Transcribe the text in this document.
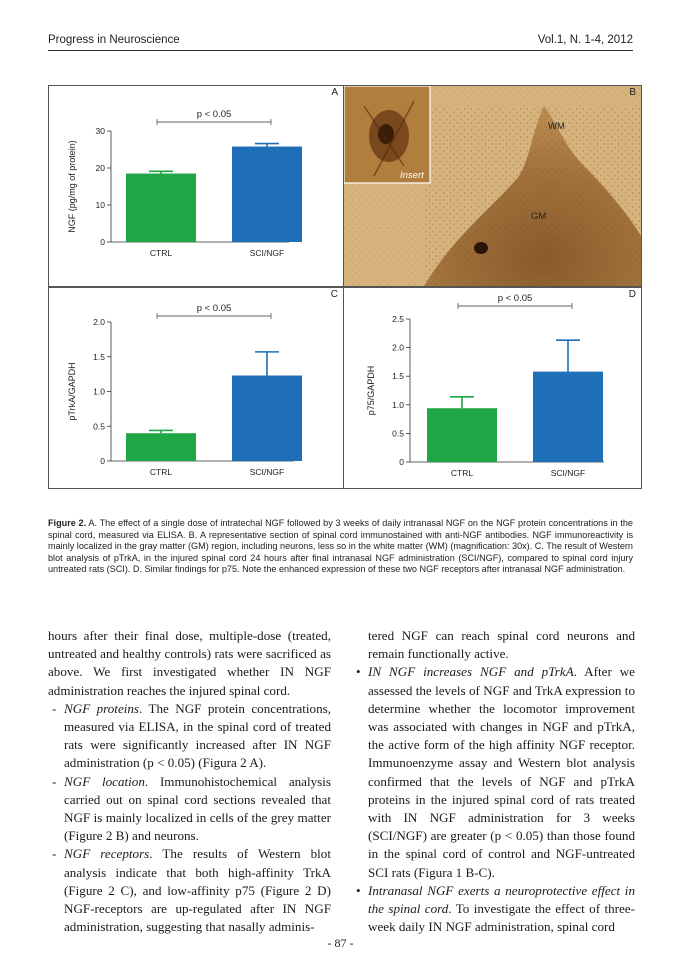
Progress in Neuroscience	Vol.1, N. 1-4, 2012
A
0
10
20
30
NGF (pg/mg of protein)
CTRL	SCI/NGF
p < 0.05
Insert
WM
GM
B
C
0
0.5
1.0
1.5
2.0
pTrkA/GAPDH
CTRL	SCI/NGF
p < 0.05
D
0
0.5
1.0
1.5
2.0
2.5
p75/GAPDH
CTRL	SCI/NGF
p < 0.05
Figure 2. A. The effect of a single dose of intratechal NGF followed by 3 weeks of daily intranasal NGF on the NGF protein concentrations in the spinal cord, measured via ELISA. B. A representative section of spinal cord immunostained with anti-NGF antibodies. NGF immunoreactivity is mainly localized in the gray matter (GM) region, including neurons, less so in the white matter (WM) (magnification: 30x). C. The result of Western blot analysis of pTrkA, in the injured spinal cord 24 hours after final intranasal NGF administration (SCI/NGF), compared to spinal cord injury untreated rats (SCI). D. Similar findings for p75. Note the enhanced expression of these two NGF receptors after intranasal NGF administration.

hours after their final dose, multiple-dose (treated, untreated and healthy controls) rats were sacrificed as above. We first investigated whether IN NGF administration reaches the injured spinal cord.

- NGF proteins. The NGF protein concentrations, measured via ELISA, in the spinal cord of treated rats were significantly increased after IN NGF administration (p < 0.05) (Figura 2 A).

- NGF location. Immunohistochemical analysis carried out on spinal cord sections revealed that NGF is mainly localized in cells of the grey matter (Figure 2 B) and neurons.

- NGF receptors. The results of Western blot analysis indicate that both high-affinity TrkA (Figure 2 C), and low-affinity p75 (Figure 2 D) NGF-receptors are up-regulated after IN NGF administration, suggesting that nasally adminis-

tered NGF can reach spinal cord neurons and remain functionally active.

• IN NGF increases NGF and pTrkA. After we assessed the levels of NGF and TrkA expression to determine whether the locomotor improvement was associated with changes in NGF and pTrkA, the active form of the high affinity NGF receptor. Immunoenzyme assay and Western blot analysis confirmed that the levels of NGF and pTrkA proteins in the injured spinal cord of rats treated with IN NGF administration for 3 weeks (SCI/NGF) are greater (p < 0.05) than those found in the spinal cord of control and NGF-untreated SCI rats (Figura 1 B-C).

• Intranasal NGF exerts a neuroprotective effect in the spinal cord. To investigate the effect of three-week daily IN NGF administration, spinal cord

- 87 -
